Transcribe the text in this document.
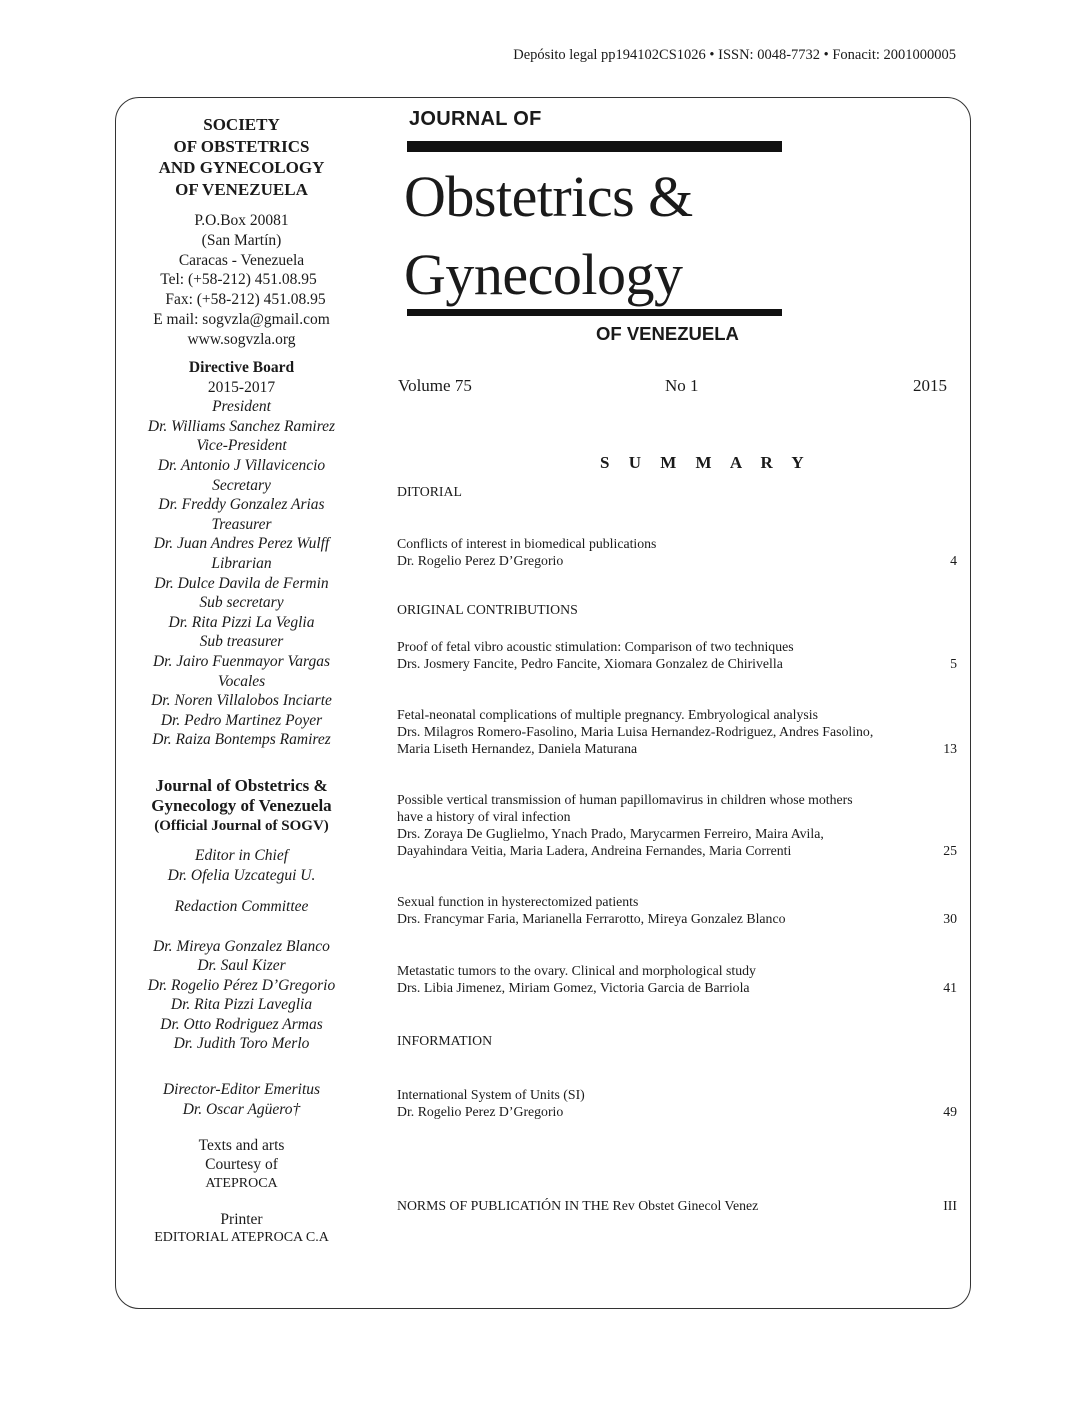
Depósito legal pp194102CS1026 • ISSN: 0048-7732 • Fonacit: 2001000005
SOCIETY
OF OBSTETRICS
AND GYNECOLOGY
OF VENEZUELA
P.O.Box 20081
(San Martín)
Caracas - Venezuela
Tel: (+58-212) 451.08.95
Fax: (+58-212) 451.08.95
E mail: sogvzla@gmail.com
www.sogvzla.org
Directive Board
2015-2017
President
Dr. Williams Sanchez Ramirez
Vice-President
Dr. Antonio J Villavicencio
Secretary
Dr. Freddy Gonzalez Arias
Treasurer
Dr. Juan Andres Perez Wulff
Librarian
Dr. Dulce Davila de Fermin
Sub secretary
Dr. Rita Pizzi La Veglia
Sub treasurer
Dr. Jairo Fuenmayor Vargas
Vocales
Dr. Noren Villalobos Inciarte
Dr. Pedro Martinez Poyer
Dr. Raiza Bontemps Ramirez
Journal of Obstetrics &
Gynecology of Venezuela
(Official Journal of SOGV)
Editor in Chief
Dr. Ofelia Uzcategui U.
Redaction Committee
Dr. Mireya Gonzalez Blanco
Dr. Saul Kizer
Dr. Rogelio Pérez D’Gregorio
Dr. Rita Pizzi Laveglia
Dr. Otto Rodriguez Armas
Dr. Judith Toro Merlo
Director-Editor Emeritus
Dr. Oscar Agüero†
Texts and arts
Courtesy of
ATEPROCA
Printer
EDITORIAL ATEPROCA C.A
JOURNAL OF
Obstetrics &
Gynecology
OF VENEZUELA
Volume 75	No 1	2015
S U M M A R Y
DITORIAL
Conflicts of interest in biomedical publications
Dr. Rogelio Perez D’Gregorio	4
ORIGINAL CONTRIBUTIONS
Proof of fetal vibro acoustic stimulation: Comparison of two techniques
Drs. Josmery Fancite, Pedro Fancite, Xiomara Gonzalez de Chirivella	5
Fetal-neonatal complications of multiple pregnancy. Embryological analysis
Drs. Milagros Romero-Fasolino, Maria Luisa Hernandez-Rodriguez, Andres Fasolino, Maria Liseth Hernandez, Daniela Maturana	13
Possible vertical transmission of human papillomavirus in children whose mothers have a history of viral infection
Drs. Zoraya De Guglielmo, Ynach Prado, Marycarmen Ferreiro, Maira Avila, Dayahindara Veitia, Maria Ladera, Andreina Fernandes, Maria Correnti	25
Sexual function in hysterectomized patients
Drs. Francymar Faria, Marianella Ferrarotto, Mireya Gonzalez Blanco	30
Metastatic tumors to the ovary. Clinical and morphological study
Drs. Libia Jimenez, Miriam Gomez, Victoria Garcia de Barriola	41
INFORMATION
International System of Units (SI)
Dr. Rogelio Perez D’Gregorio	49
NORMS OF PUBLICATIÓN IN THE Rev Obstet Ginecol Venez	III
